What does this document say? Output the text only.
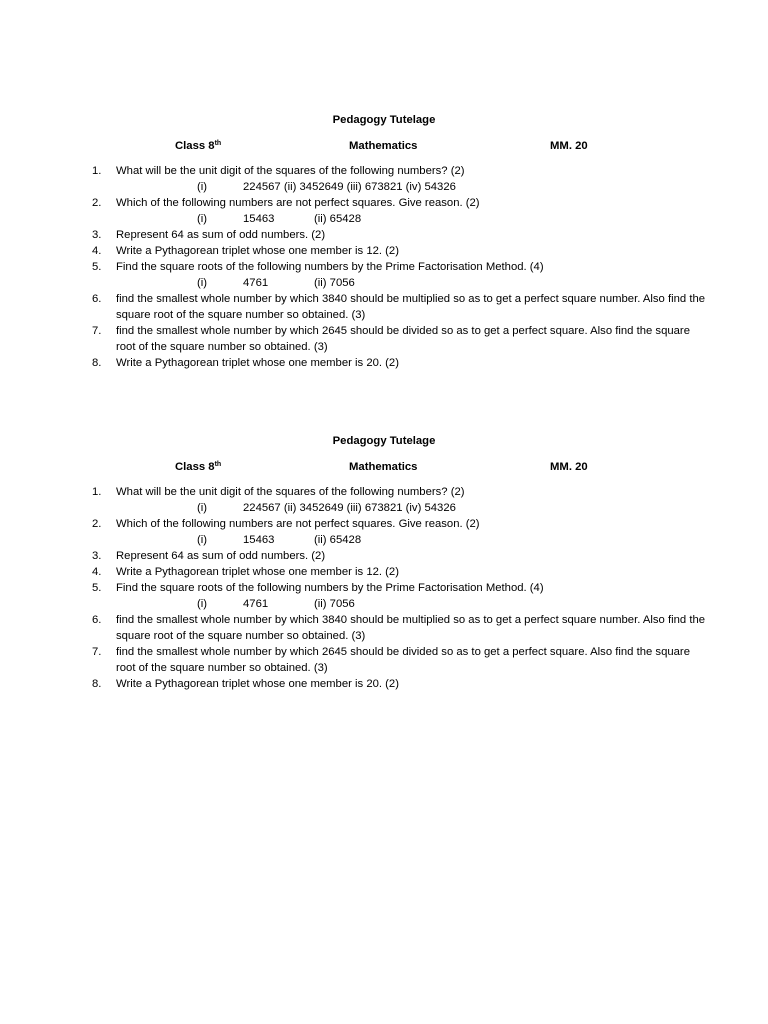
Pedagogy Tutelage
Class 8th	Mathematics	MM. 20
1. What will be the unit digit of the squares of the following numbers? (2)
(i)	224567 (ii) 3452649 (iii) 673821 (iv) 54326
2. Which of the following numbers are not perfect squares. Give reason. (2)
(i)	15463	(ii) 65428
3. Represent 64 as sum of odd numbers. (2)
4. Write a Pythagorean triplet whose one member is 12. (2)
5. Find the square roots of the following numbers by the Prime Factorisation Method. (4)
(i)	4761	(ii) 7056
6. find the smallest whole number by which 3840 should be multiplied so as to get a perfect square number. Also find the square root of the square number so obtained. (3)
7. find the smallest whole number by which 2645 should be divided so as to get a perfect square. Also find the square root of the square number so obtained. (3)
8. Write a Pythagorean triplet whose one member is 20. (2)
Pedagogy Tutelage
Class 8th	Mathematics	MM. 20
1. What will be the unit digit of the squares of the following numbers? (2)
(i)	224567 (ii) 3452649 (iii) 673821 (iv) 54326
2. Which of the following numbers are not perfect squares. Give reason. (2)
(i)	15463	(ii) 65428
3. Represent 64 as sum of odd numbers. (2)
4. Write a Pythagorean triplet whose one member is 12. (2)
5. Find the square roots of the following numbers by the Prime Factorisation Method. (4)
(i)	4761	(ii) 7056
6. find the smallest whole number by which 3840 should be multiplied so as to get a perfect square number. Also find the square root of the square number so obtained. (3)
7. find the smallest whole number by which 2645 should be divided so as to get a perfect square. Also find the square root of the square number so obtained. (3)
8. Write a Pythagorean triplet whose one member is 20. (2)
